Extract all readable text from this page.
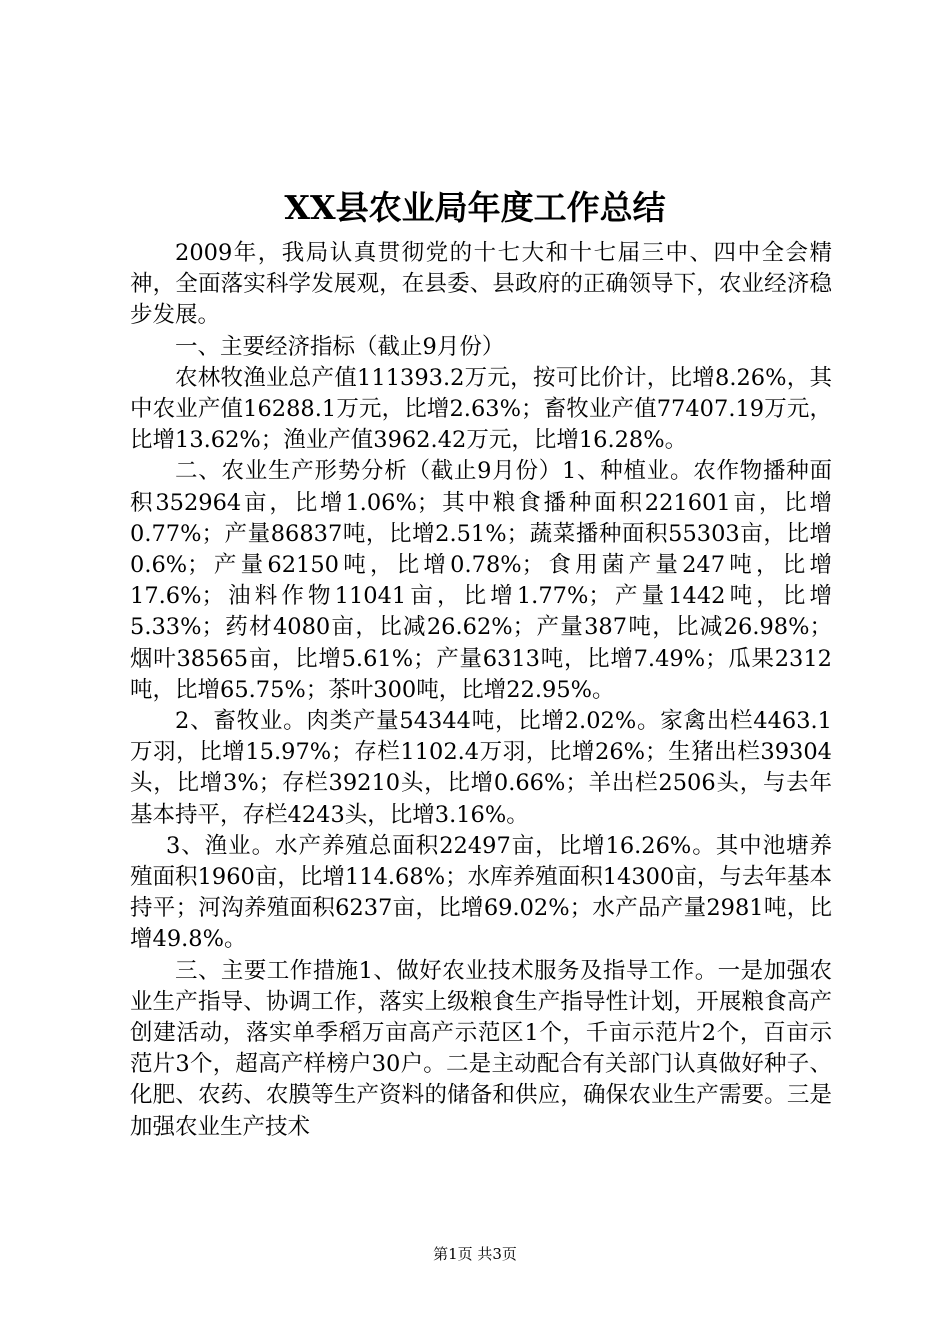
XX县农业局年度工作总结

2009年，我局认真贯彻党的十七大和十七届三中、四中全会精神，全面落实科学发展观，在县委、县政府的正确领导下，农业经济稳步发展。

一、主要经济指标（截止9月份）

农林牧渔业总产值111393.2万元，按可比价计，比增8.26%，其中农业产值16288.1万元，比增2.63%；畜牧业产值77407.19万元，比增13.62%；渔业产值3962.42万元，比增16.28%。

二、农业生产形势分析（截止9月份）1、种植业。农作物播种面积352964亩，比增1.06%；其中粮食播种面积221601亩，比增0.77%；产量86837吨，比增2.51%；蔬菜播种面积55303亩，比增0.6%；产量62150吨，比增0.78%；食用菌产量247吨，比增17.6%；油料作物11041亩，比增1.77%；产量1442吨，比增5.33%；药材4080亩，比减26.62%；产量387吨，比减26.98%；烟叶38565亩，比增5.61%；产量6313吨，比增7.49%；瓜果2312吨，比增65.75%；茶叶300吨，比增22.95%。

2、畜牧业。肉类产量54344吨，比增2.02%。家禽出栏4463.1万羽，比增15.97%；存栏1102.4万羽，比增26%；生猪出栏39304头，比增3%；存栏39210头，比增0.66%；羊出栏2506头，与去年基本持平，存栏4243头，比增3.16%。

3、渔业。水产养殖总面积22497亩，比增16.26%。其中池塘养殖面积1960亩，比增114.68%；水库养殖面积14300亩，与去年基本持平；河沟养殖面积6237亩，比增69.02%；水产品产量2981吨，比增49.8%。

三、主要工作措施1、做好农业技术服务及指导工作。一是加强农业生产指导、协调工作，落实上级粮食生产指导性计划，开展粮食高产创建活动，落实单季稻万亩高产示范区1个，千亩示范片2个，百亩示范片3个，超高产样榜户30户。二是主动配合有关部门认真做好种子、化肥、农药、农膜等生产资料的储备和供应，确保农业生产需要。三是加强农业生产技术

第1页 共3页
